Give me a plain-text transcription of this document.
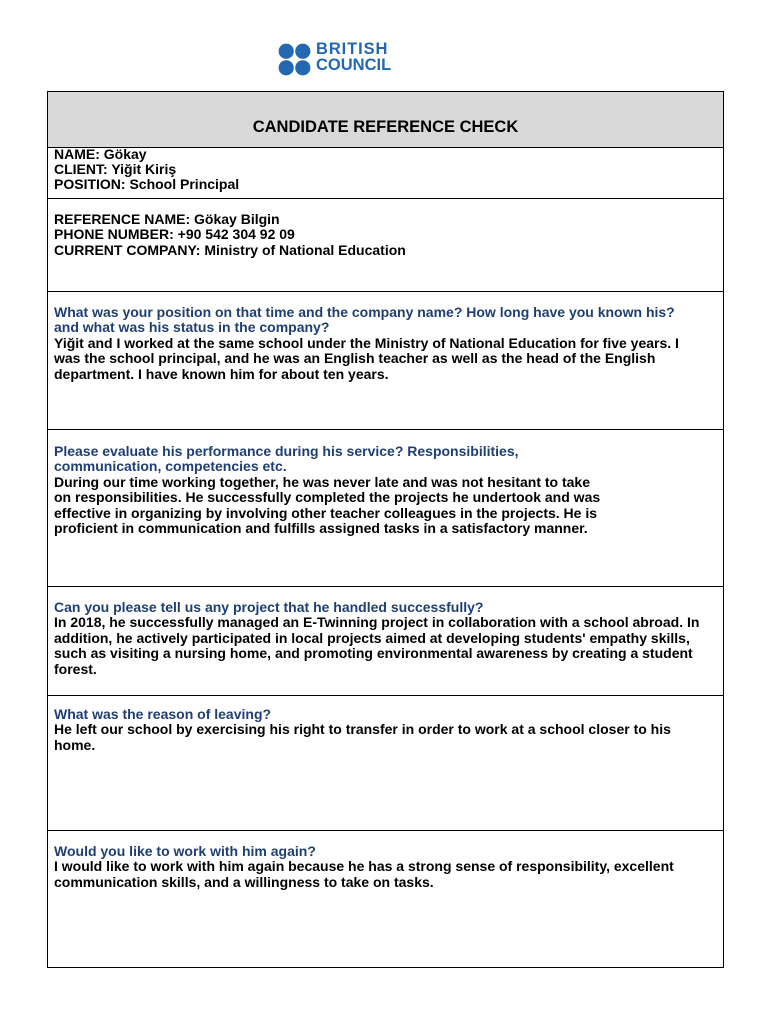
BRITISH
COUNCIL
CANDIDATE REFERENCE CHECK
NAME: Gökay
CLIENT: Yiğit Kiriş
POSITION: School Principal
REFERENCE NAME: Gökay Bilgin
PHONE NUMBER: +90 542 304 92 09
CURRENT COMPANY: Ministry of National Education
What was your position on that time and the company name? How long have you known his?
and what was his status in the company?
Yiğit and I worked at the same school under the Ministry of National Education for five years. I
was the school principal, and he was an English teacher as well as the head of the English
department. I have known him for about ten years.
Please evaluate his performance during his service? Responsibilities,
communication, competencies etc.
During our time working together, he was never late and was not hesitant to take
on responsibilities. He successfully completed the projects he undertook and was
effective in organizing by involving other teacher colleagues in the projects. He is
proficient in communication and fulfills assigned tasks in a satisfactory manner.
Can you please tell us any project that he handled successfully?
In 2018, he successfully managed an E-Twinning project in collaboration with a school abroad. In
addition, he actively participated in local projects aimed at developing students' empathy skills,
such as visiting a nursing home, and promoting environmental awareness by creating a student
forest.
What was the reason of leaving?
He left our school by exercising his right to transfer in order to work at a school closer to his
home.
Would you like to work with him again?
I would like to work with him again because he has a strong sense of responsibility, excellent
communication skills, and a willingness to take on tasks.
